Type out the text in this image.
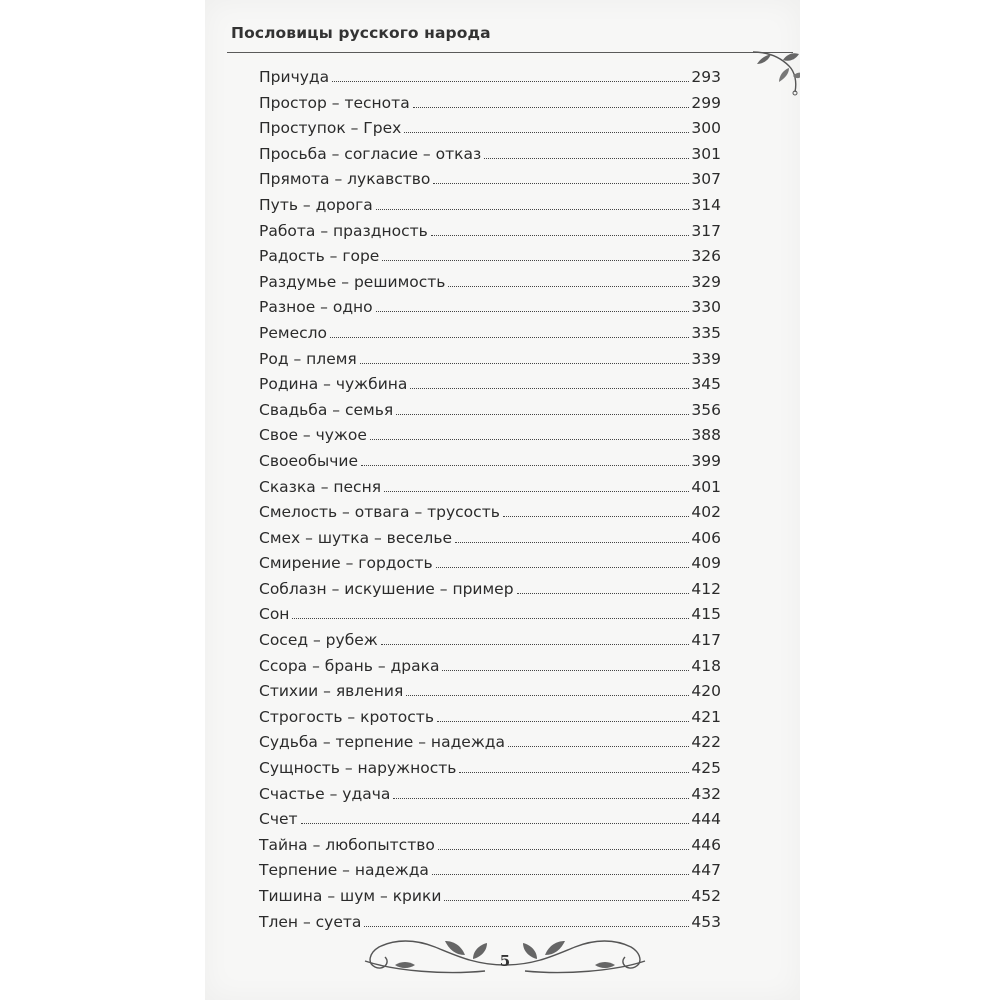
Пословицы русского народа
Причуда	293
Простор – теснота	299
Проступок – Грех	300
Просьба – согласие – отказ	301
Прямота – лукавство	307
Путь – дорога	314
Работа – праздность	317
Радость – горе	326
Раздумье – решимость	329
Разное – одно	330
Ремесло	335
Род – племя	339
Родина – чужбина	345
Свадьба – семья	356
Свое – чужое	388
Своеобычие	399
Сказка – песня	401
Смелость – отвага – трусость	402
Смех – шутка – веселье	406
Смирение – гордость	409
Соблазн – искушение – пример	412
Сон	415
Сосед – рубеж	417
Ссора – брань – драка	418
Стихии – явления	420
Строгость – кротость	421
Судьба – терпение – надежда	422
Сущность – наружность	425
Счастье – удача	432
Счет	444
Тайна – любопытство	446
Терпение – надежда	447
Тишина – шум – крики	452
Тлен – суета	453
5
